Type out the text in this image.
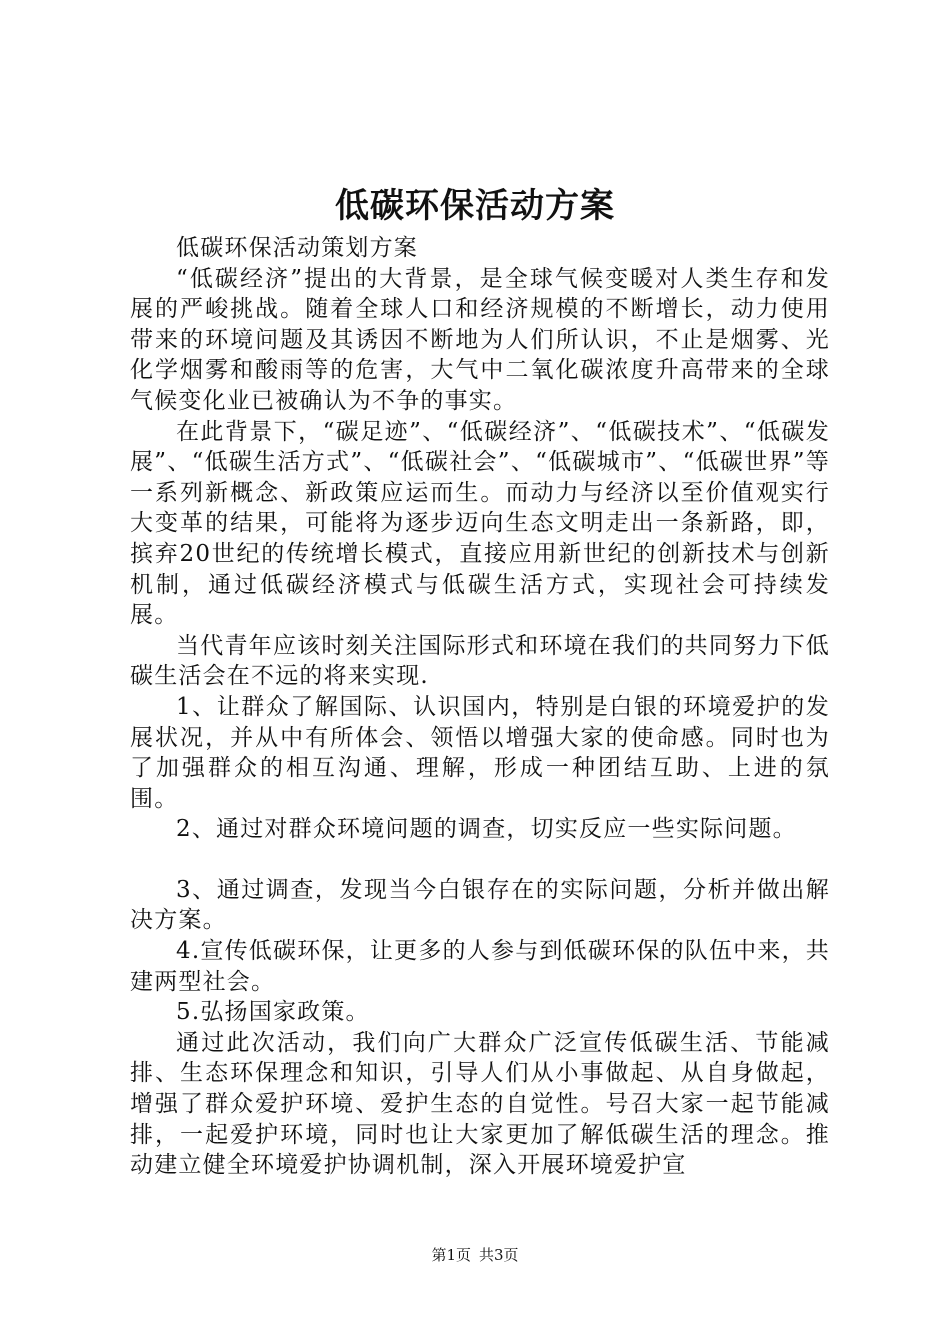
低碳环保活动方案

低碳环保活动策划方案

“低碳经济”提出的大背景，是全球气候变暖对人类生存和发展的严峻挑战。随着全球人口和经济规模的不断增长，动力使用带来的环境问题及其诱因不断地为人们所认识，不止是烟雾、光化学烟雾和酸雨等的危害，大气中二氧化碳浓度升高带来的全球气候变化业已被确认为不争的事实。

在此背景下，“碳足迹”、“低碳经济”、“低碳技术”、“低碳发展”、“低碳生活方式”、“低碳社会”、“低碳城市”、“低碳世界”等一系列新概念、新政策应运而生。而动力与经济以至价值观实行大变革的结果，可能将为逐步迈向生态文明走出一条新路，即，摈弃20世纪的传统增长模式，直接应用新世纪的创新技术与创新机制，通过低碳经济模式与低碳生活方式，实现社会可持续发展。

当代青年应该时刻关注国际形式和环境在我们的共同努力下低碳生活会在不远的将来实现.

1、让群众了解国际、认识国内，特别是白银的环境爱护的发展状况，并从中有所体会、领悟以增强大家的使命感。同时也为了加强群众的相互沟通、理解，形成一种团结互助、上进的氛围。

2、通过对群众环境问题的调查，切实反应一些实际问题。

3、通过调查，发现当今白银存在的实际问题，分析并做出解决方案。

4.宣传低碳环保，让更多的人参与到低碳环保的队伍中来，共建两型社会。

5.弘扬国家政策。

通过此次活动，我们向广大群众广泛宣传低碳生活、节能减排、生态环保理念和知识，引导人们从小事做起、从自身做起，增强了群众爱护环境、爱护生态的自觉性。号召大家一起节能减排，一起爱护环境，同时也让大家更加了解低碳生活的理念。推动建立健全环境爱护协调机制，深入开展环境爱护宣

第1页 共3页
